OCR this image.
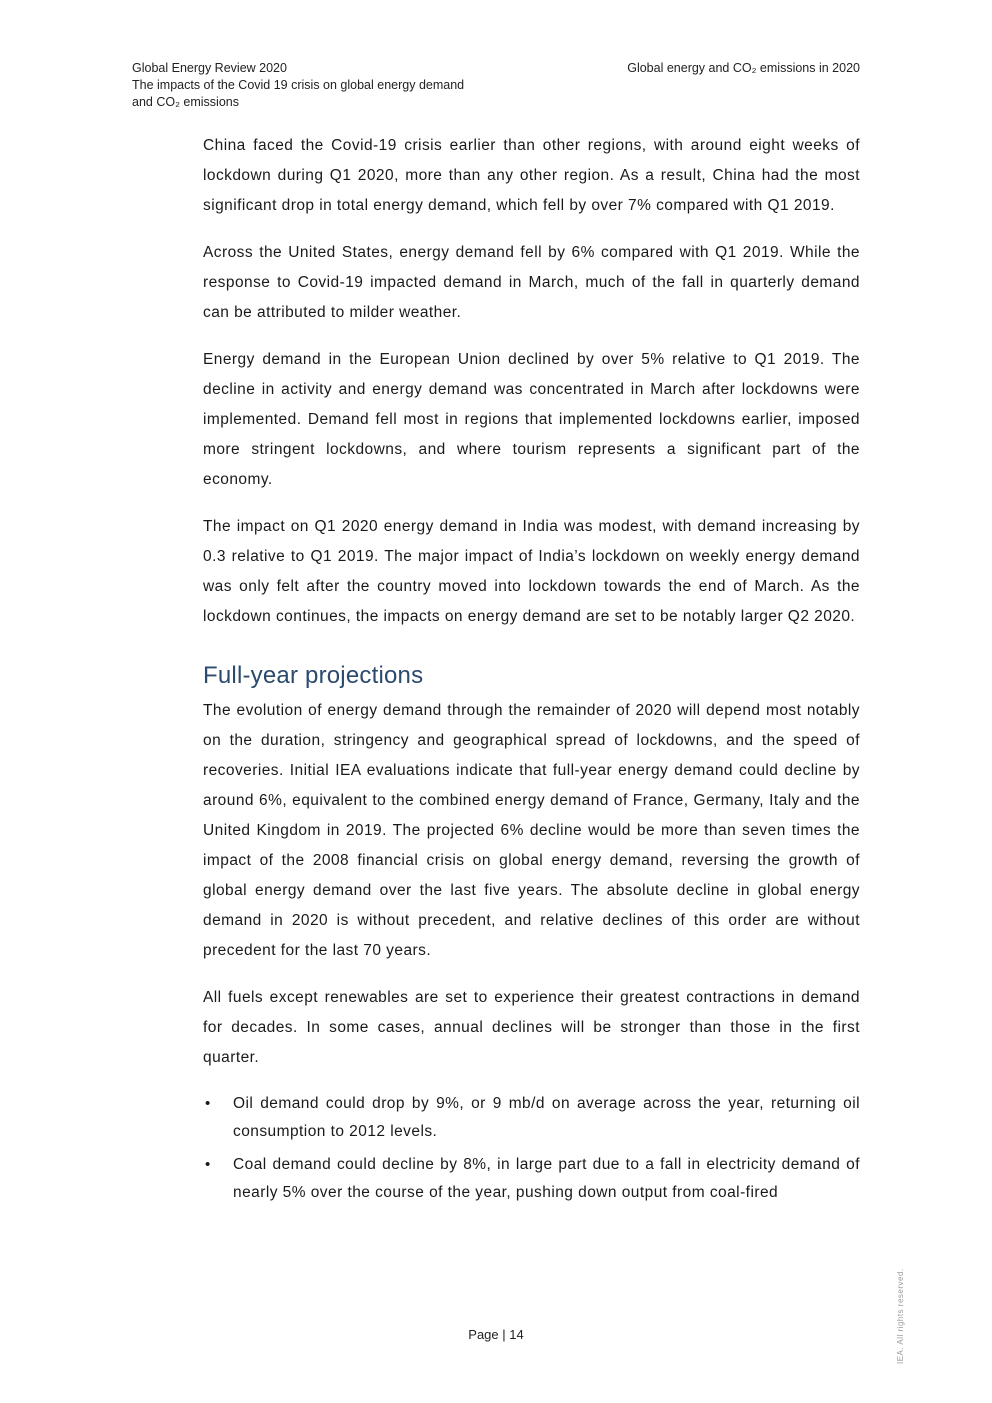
Global Energy Review 2020
The impacts of the Covid 19 crisis on global energy demand
and CO₂ emissions
Global energy and CO₂ emissions in 2020

China faced the Covid-19 crisis earlier than other regions, with around eight weeks of lockdown during Q1 2020, more than any other region. As a result, China had the most significant drop in total energy demand, which fell by over 7% compared with Q1 2019.

Across the United States, energy demand fell by 6% compared with Q1 2019. While the response to Covid-19 impacted demand in March, much of the fall in quarterly demand can be attributed to milder weather.

Energy demand in the European Union declined by over 5% relative to Q1 2019. The decline in activity and energy demand was concentrated in March after lockdowns were implemented. Demand fell most in regions that implemented lockdowns earlier, imposed more stringent lockdowns, and where tourism represents a significant part of the economy.

The impact on Q1 2020 energy demand in India was modest, with demand increasing by 0.3 relative to Q1 2019. The major impact of India’s lockdown on weekly energy demand was only felt after the country moved into lockdown towards the end of March. As the lockdown continues, the impacts on energy demand are set to be notably larger Q2 2020.

Full-year projections

The evolution of energy demand through the remainder of 2020 will depend most notably on the duration, stringency and geographical spread of lockdowns, and the speed of recoveries. Initial IEA evaluations indicate that full-year energy demand could decline by around 6%, equivalent to the combined energy demand of France, Germany, Italy and the United Kingdom in 2019. The projected 6% decline would be more than seven times the impact of the 2008 financial crisis on global energy demand, reversing the growth of global energy demand over the last five years. The absolute decline in global energy demand in 2020 is without precedent, and relative declines of this order are without precedent for the last 70 years.

All fuels except renewables are set to experience their greatest contractions in demand for decades. In some cases, annual declines will be stronger than those in the first quarter.

• Oil demand could drop by 9%, or 9 mb/d on average across the year, returning oil consumption to 2012 levels.
• Coal demand could decline by 8%, in large part due to a fall in electricity demand of nearly 5% over the course of the year, pushing down output from coal-fired
Page | 14	IEA. All rights reserved.
